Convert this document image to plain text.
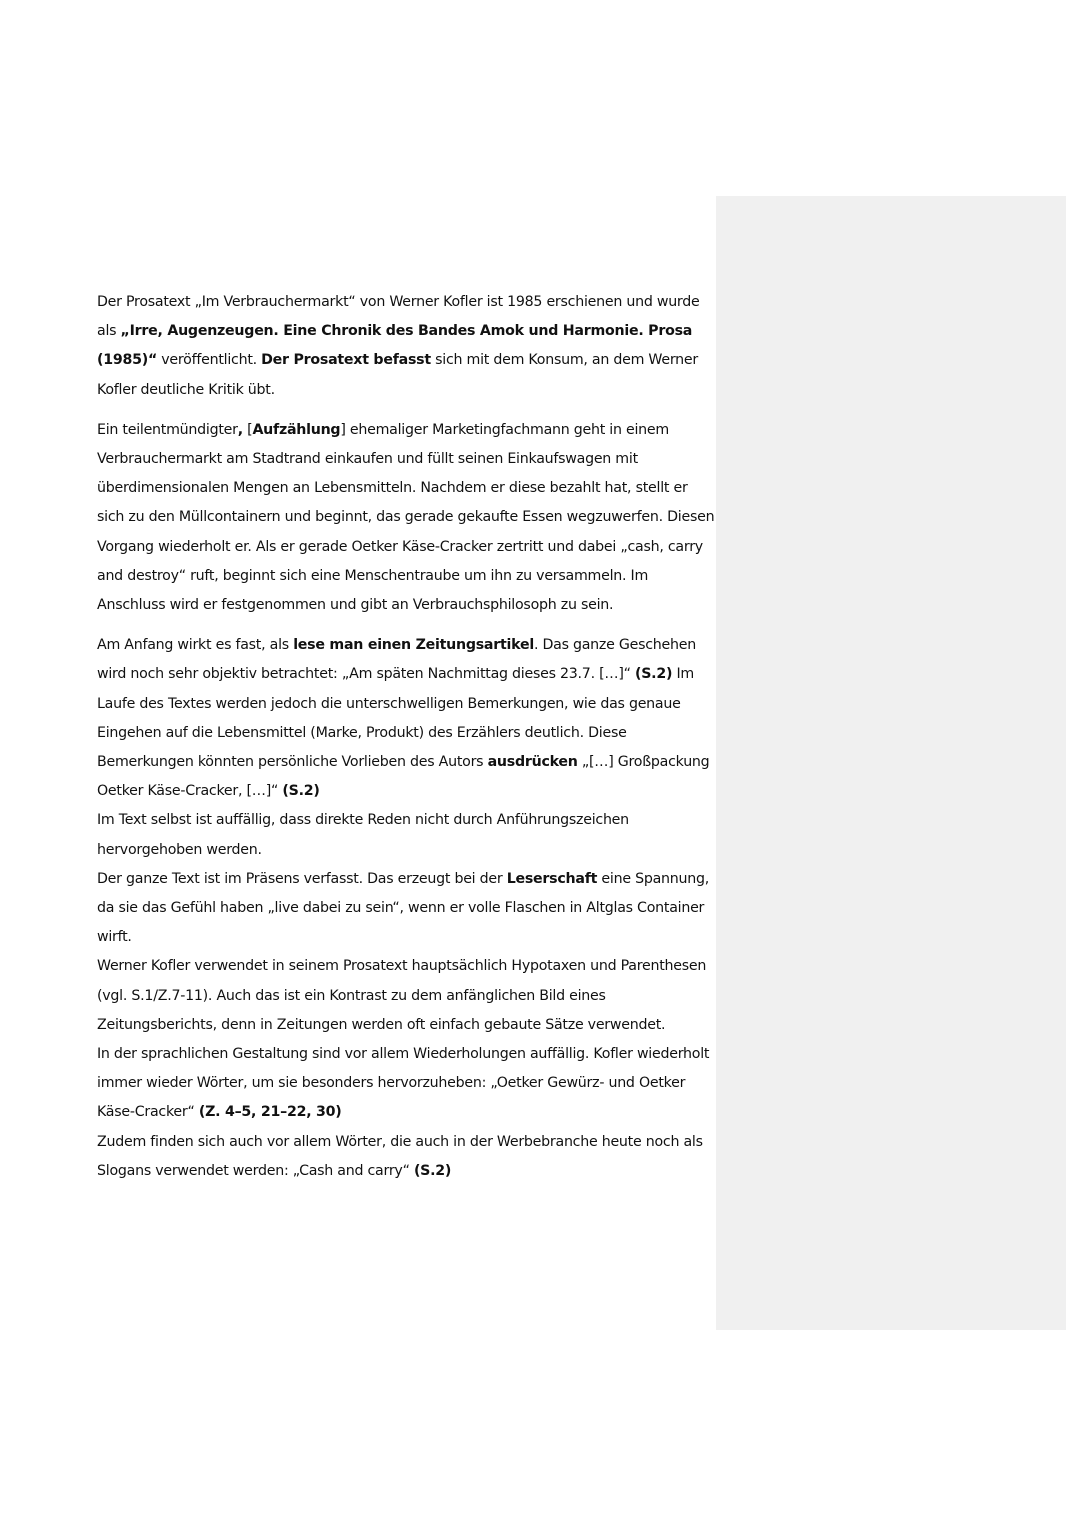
Der Prosatext „Im Verbrauchermarkt“ von Werner Kofler ist 1985 erschienen und wurde als „Irre, Augenzeugen. Eine Chronik des Bandes Amok und Harmonie. Prosa (1985)“ veröffentlicht. Der Prosatext befasst sich mit dem Konsum, an dem Werner Kofler deutliche Kritik übt.

Ein teilentmündigter, [Aufzählung] ehemaliger Marketingfachmann geht in einem Verbrauchermarkt am Stadtrand einkaufen und füllt seinen Einkaufswagen mit überdimensionalen Mengen an Lebensmitteln. Nachdem er diese bezahlt hat, stellt er sich zu den Müllcontainern und beginnt, das gerade gekaufte Essen wegzuwerfen. Diesen Vorgang wiederholt er. Als er gerade Oetker Käse-Cracker zertritt und dabei „cash, carry and destroy“ ruft, beginnt sich eine Menschentraube um ihn zu versammeln. Im Anschluss wird er festgenommen und gibt an Verbrauchsphilosoph zu sein.

Am Anfang wirkt es fast, als lese man einen Zeitungsartikel. Das ganze Geschehen wird noch sehr objektiv betrachtet: „Am späten Nachmittag dieses 23.7. […]“ (S.2) Im Laufe des Textes werden jedoch die unterschwelligen Bemerkungen, wie das genaue Eingehen auf die Lebensmittel (Marke, Produkt) des Erzählers deutlich. Diese Bemerkungen könnten persönliche Vorlieben des Autors ausdrücken „[…] Großpackung Oetker Käse-Cracker, […]“ (S.2)

Im Text selbst ist auffällig, dass direkte Reden nicht durch Anführungszeichen hervorgehoben werden.

Der ganze Text ist im Präsens verfasst. Das erzeugt bei der Leserschaft eine Spannung, da sie das Gefühl haben „live dabei zu sein“, wenn er volle Flaschen in Altglas Container wirft.

Werner Kofler verwendet in seinem Prosatext hauptsächlich Hypotaxen und Parenthesen (vgl. S.1/Z.7-11). Auch das ist ein Kontrast zu dem anfänglichen Bild eines Zeitungsberichts, denn in Zeitungen werden oft einfach gebaute Sätze verwendet.

In der sprachlichen Gestaltung sind vor allem Wiederholungen auffällig. Kofler wiederholt immer wieder Wörter, um sie besonders hervorzuheben: „Oetker Gewürz- und Oetker Käse-Cracker“ (Z. 4–5, 21–22, 30)

Zudem finden sich auch vor allem Wörter, die auch in der Werbebranche heute noch als Slogans verwendet werden: „Cash and carry“ (S.2)
